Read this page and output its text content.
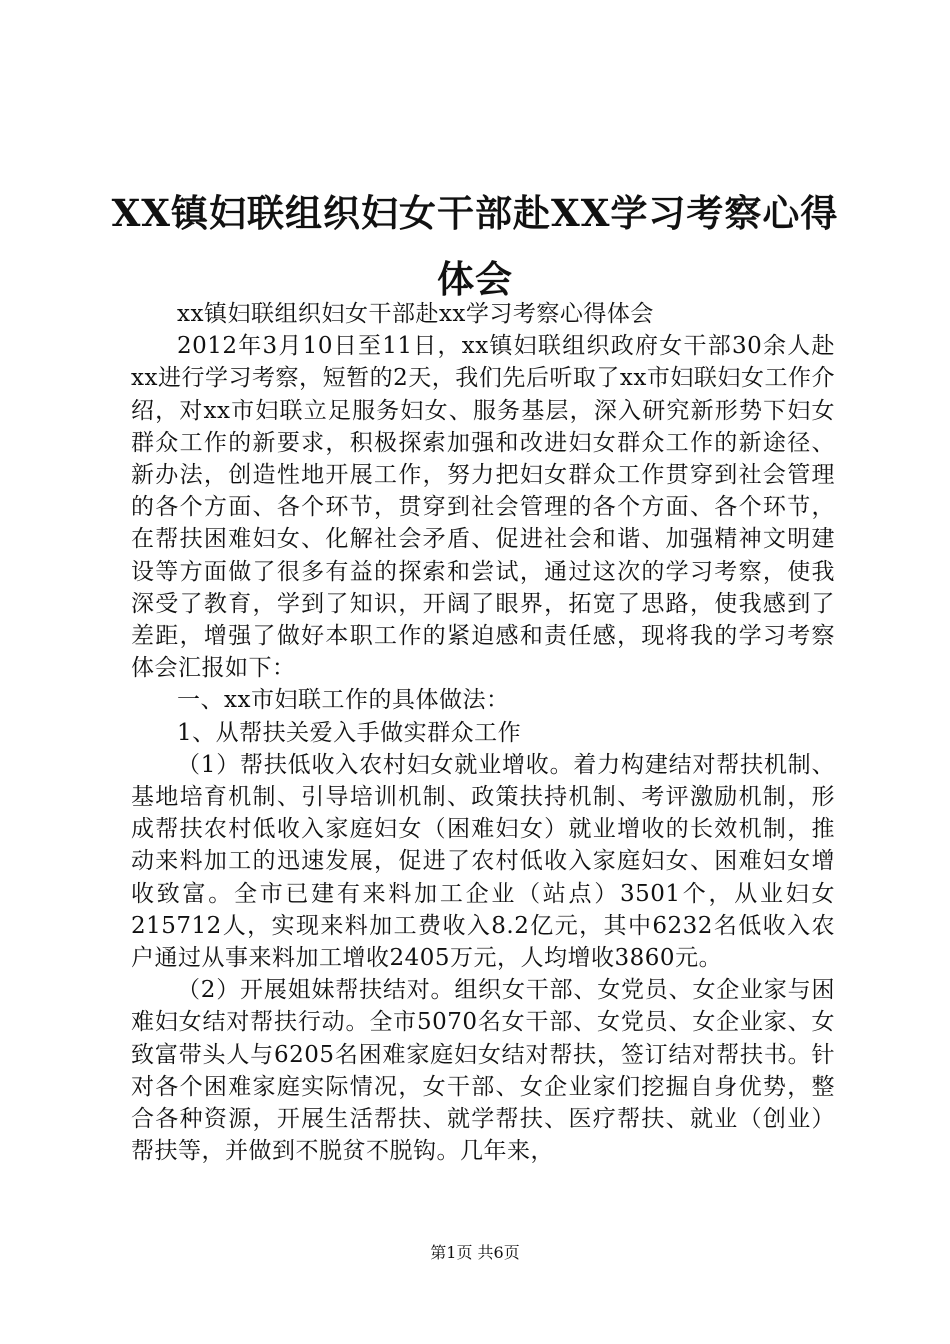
XX镇妇联组织妇女干部赴XX学习考察心得体会

xx镇妇联组织妇女干部赴xx学习考察心得体会

2012年3月10日至11日，xx镇妇联组织政府女干部30余人赴xx进行学习考察，短暂的2天，我们先后听取了xx市妇联妇女工作介绍，对xx市妇联立足服务妇女、服务基层，深入研究新形势下妇女群众工作的新要求，积极探索加强和改进妇女群众工作的新途径、新办法，创造性地开展工作，努力把妇女群众工作贯穿到社会管理的各个方面、各个环节，贯穿到社会管理的各个方面、各个环节，在帮扶困难妇女、化解社会矛盾、促进社会和谐、加强精神文明建设等方面做了很多有益的探索和尝试，通过这次的学习考察，使我深受了教育，学到了知识，开阔了眼界，拓宽了思路，使我感到了差距，增强了做好本职工作的紧迫感和责任感，现将我的学习考察体会汇报如下：

一、xx市妇联工作的具体做法：

1、从帮扶关爱入手做实群众工作

（1）帮扶低收入农村妇女就业增收。着力构建结对帮扶机制、基地培育机制、引导培训机制、政策扶持机制、考评激励机制，形成帮扶农村低收入家庭妇女（困难妇女）就业增收的长效机制，推动来料加工的迅速发展，促进了农村低收入家庭妇女、困难妇女增收致富。全市已建有来料加工企业（站点）3501个，从业妇女215712人，实现来料加工费收入8.2亿元，其中6232名低收入农户通过从事来料加工增收2405万元，人均增收3860元。

（2）开展姐妹帮扶结对。组织女干部、女党员、女企业家与困难妇女结对帮扶行动。全市5070名女干部、女党员、女企业家、女致富带头人与6205名困难家庭妇女结对帮扶，签订结对帮扶书。针对各个困难家庭实际情况，女干部、女企业家们挖掘自身优势，整合各种资源，开展生活帮扶、就学帮扶、医疗帮扶、就业（创业）帮扶等，并做到不脱贫不脱钩。几年来，

第1页 共6页
